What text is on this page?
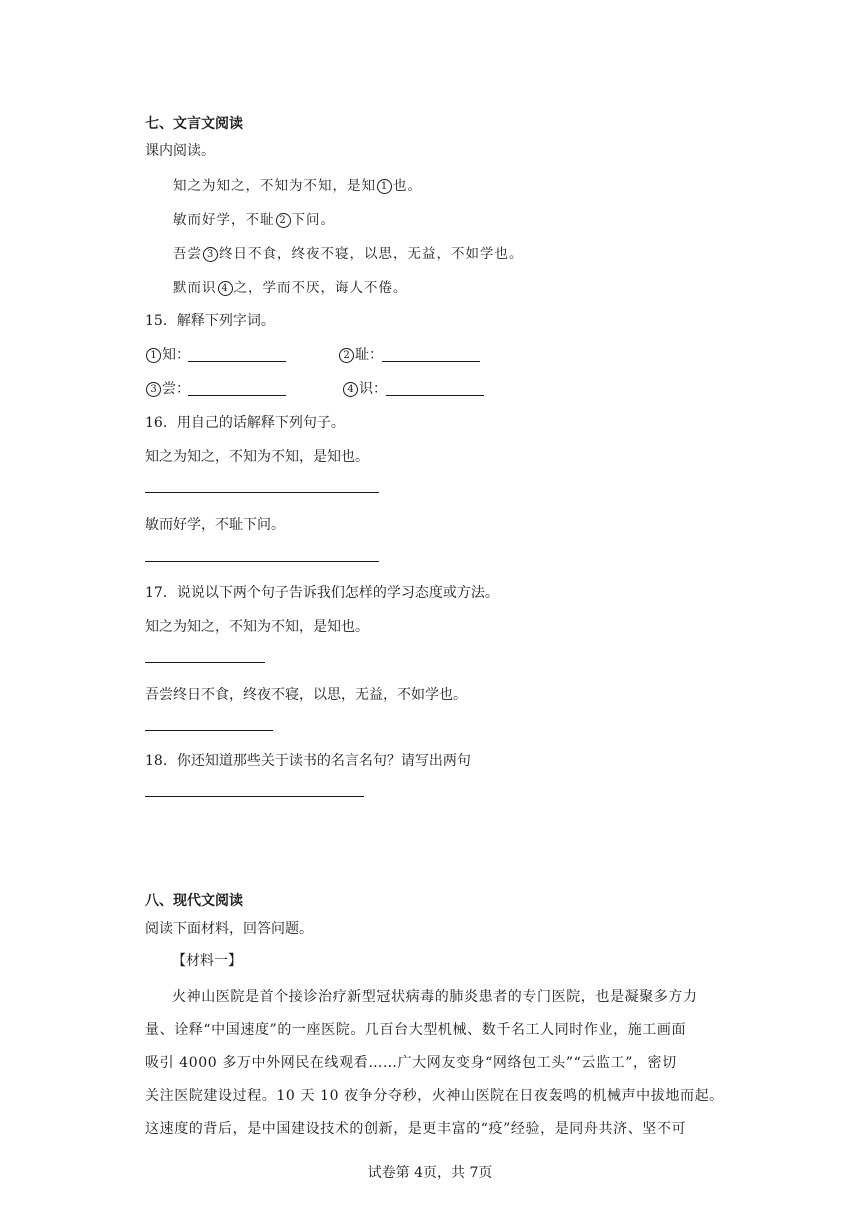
七、文言文阅读
课内阅读。
知之为知之，不知为不知，是知 1 也。
敏而好学，不耻 2 下问。
吾尝 3 终日不食，终夜不寝，以思，无益，不如学也。
默而识 4 之，学而不厌，诲人不倦。
15．解释下列字词。
1 知：	2 耻：
3 尝：	4 识：
16．用自己的话解释下列句子。
知之为知之，不知为不知，是知也。
敏而好学，不耻下问。
17．说说以下两个句子告诉我们怎样的学习态度或方法。
知之为知之，不知为不知，是知也。
吾尝终日不食，终夜不寝，以思，无益，不如学也。
18．你还知道那些关于读书的名言名句？请写出两句
八、现代文阅读
阅读下面材料，回答问题。
【材料一】
火神山医院是首个接诊治疗新型冠状病毒的肺炎患者的专门医院，也是凝聚多方力
量、诠释“中国速度”的一座医院。几百台大型机械、数千名工人同时作业，施工画面
吸引 4000 多万中外网民在线观看……广大网友变身“网络包工头”“云监工”，密切
关注医院建设过程。10 天 10 夜争分夺秒，火神山医院在日夜轰鸣的机械声中拔地而起。
这速度的背后，是中国建设技术的创新，是更丰富的“疫”经验，是同舟共济、坚不可
试卷第 4页，共 7页
